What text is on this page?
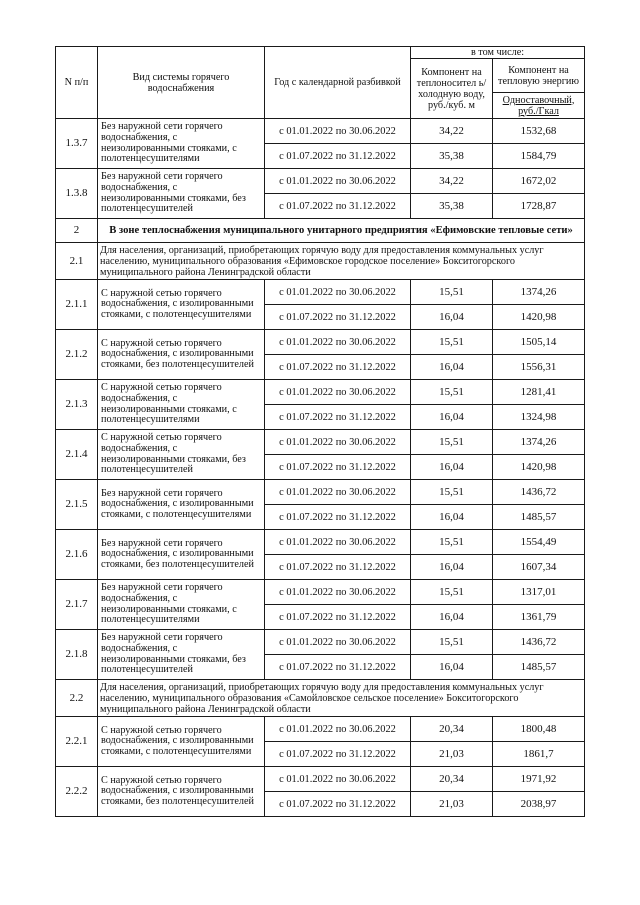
N п/п	Вид системы горячего водоснабжения	Год с календарной разбивкой	в том числе:	
			Компонент на теплоносител ь/холодную воду, руб./куб. м	Компонент на тепловую энергию
				Одноставочный, руб./Гкал
1.3.7	Без наружной сети горячего водоснабжения, с неизолированными стояками, с полотенцесушителями	с 01.01.2022 по 30.06.2022	34,22	1532,68
		с 01.07.2022 по 31.12.2022	35,38	1584,79
1.3.8	Без наружной сети горячего водоснабжения, с неизолированными стояками, без полотенцесушителей	с 01.01.2022 по 30.06.2022	34,22	1672,02
		с 01.07.2022 по 31.12.2022	35,38	1728,87
2	В зоне теплоснабжения муниципального унитарного предприятия «Ефимовские тепловые сети»			
2.1	Для населения, организаций, приобретающих горячую воду для предоставления коммунальных услуг населению, муниципального образования «Ефимовское городское поселение» Бокситогорского муниципального района Ленинградской области			
2.1.1	С наружной сетью горячего водоснабжения, с изолированными стояками, с полотенцесушителями	с 01.01.2022 по 30.06.2022	15,51	1374,26
		с 01.07.2022 по 31.12.2022	16,04	1420,98
2.1.2	С наружной сетью горячего водоснабжения, с изолированными стояками, без полотенцесушителей	с 01.01.2022 по 30.06.2022	15,51	1505,14
		с 01.07.2022 по 31.12.2022	16,04	1556,31
2.1.3	С наружной сетью горячего водоснабжения, с неизолированными стояками, с полотенцесушителями	с 01.01.2022 по 30.06.2022	15,51	1281,41
		с 01.07.2022 по 31.12.2022	16,04	1324,98
2.1.4	С наружной сетью горячего водоснабжения, с неизолированными стояками, без полотенцесушителей	с 01.01.2022 по 30.06.2022	15,51	1374,26
		с 01.07.2022 по 31.12.2022	16,04	1420,98
2.1.5	Без наружной сети горячего водоснабжения, с изолированными стояками, с полотенцесушителями	с 01.01.2022 по 30.06.2022	15,51	1436,72
		с 01.07.2022 по 31.12.2022	16,04	1485,57
2.1.6	Без наружной сети горячего водоснабжения, с изолированными стояками, без полотенцесушителей	с 01.01.2022 по 30.06.2022	15,51	1554,49
		с 01.07.2022 по 31.12.2022	16,04	1607,34
2.1.7	Без наружной сети горячего водоснабжения, с неизолированными стояками, с полотенцесушителями	с 01.01.2022 по 30.06.2022	15,51	1317,01
		с 01.07.2022 по 31.12.2022	16,04	1361,79
2.1.8	Без наружной сети горячего водоснабжения, с неизолированными стояками, без полотенцесушителей	с 01.01.2022 по 30.06.2022	15,51	1436,72
		с 01.07.2022 по 31.12.2022	16,04	1485,57
2.2	Для населения, организаций, приобретающих горячую воду для предоставления коммунальных услуг населению, муниципального образования «Самойловское сельское поселение» Бокситогорского муниципального района Ленинградской области			
2.2.1	С наружной сетью горячего водоснабжения, с изолированными стояками, с полотенцесушителями	с 01.01.2022 по 30.06.2022	20,34	1800,48
		с 01.07.2022 по 31.12.2022	21,03	1861,7
2.2.2	С наружной сетью горячего водоснабжения, с изолированными стояками, без полотенцесушителей	с 01.01.2022 по 30.06.2022	20,34	1971,92
		с 01.07.2022 по 31.12.2022	21,03	2038,97
